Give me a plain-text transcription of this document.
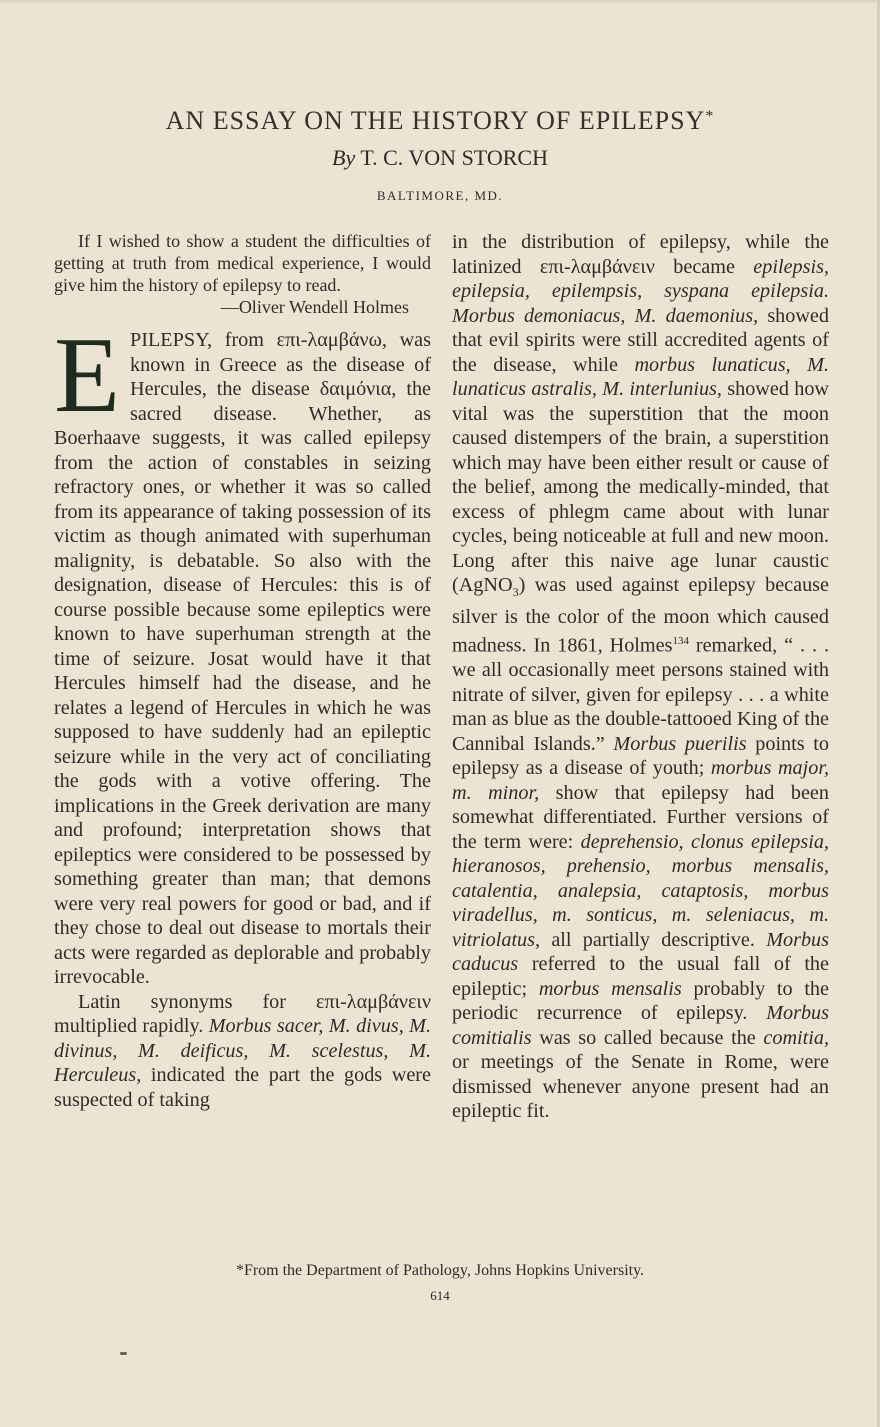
AN ESSAY ON THE HISTORY OF EPILEPSY*
By T. C. VON STORCH
BALTIMORE, MD.

If I wished to show a student the difficulties of getting at truth from medical experience, I would give him the history of epilepsy to read.

—Oliver Wendell Holmes

EPILEPSY, from επι-λαμβάνω, was known in Greece as the disease of Hercules, the disease δαιμόνια, the sacred disease. Whether, as Boerhaave suggests, it was called epilepsy from the action of constables in seizing refractory ones, or whether it was so called from its appearance of taking possession of its victim as though animated with superhuman malignity, is debatable. So also with the designation, disease of Hercules: this is of course possible because some epileptics were known to have superhuman strength at the time of seizure. Josat would have it that Hercules himself had the disease, and he relates a legend of Hercules in which he was supposed to have suddenly had an epileptic seizure while in the very act of conciliating the gods with a votive offering. The implications in the Greek derivation are many and profound; interpretation shows that epileptics were considered to be possessed by something greater than man; that demons were very real powers for good or bad, and if they chose to deal out disease to mortals their acts were regarded as deplorable and probably irrevocable.

Latin synonyms for επι-λαμβάνειν multiplied rapidly. Morbus sacer, M. divus, M. divinus, M. deificus, M. scelestus, M. Herculeus, indicated the part the gods were suspected of taking

in the distribution of epilepsy, while the latinized επι-λαμβάνειν became epilepsis, epilepsia, epilempsis, syspana epilepsia. Morbus demoniacus, M. daemonius, showed that evil spirits were still accredited agents of the disease, while morbus lunaticus, M. lunaticus astralis, M. interlunius, showed how vital was the superstition that the moon caused distempers of the brain, a superstition which may have been either result or cause of the belief, among the medically-minded, that excess of phlegm came about with lunar cycles, being noticeable at full and new moon. Long after this naive age lunar caustic (AgNO$_3$) was used against epilepsy because silver is the color of the moon which caused madness. In 1861, Holmes$^{134}$ remarked, “ . . . we all occasionally meet persons stained with nitrate of silver, given for epilepsy . . . a white man as blue as the double-tattooed King of the Cannibal Islands.” Morbus puerilis points to epilepsy as a disease of youth; morbus major, m. minor, show that epilepsy had been somewhat differentiated. Further versions of the term were: deprehensio, clonus epilepsia, hieranosos, prehensio, morbus mensalis, catalentia, analepsia, cataptosis, morbus viradellus, m. sonticus, m. seleniacus, m. vitriolatus, all partially descriptive. Morbus caducus referred to the usual fall of the epileptic; morbus mensalis probably to the periodic recurrence of epilepsy. Morbus comitialis was so called because the comitia, or meetings of the Senate in Rome, were dismissed whenever anyone present had an epileptic fit.

*From the Department of Pathology, Johns Hopkins University.
614
